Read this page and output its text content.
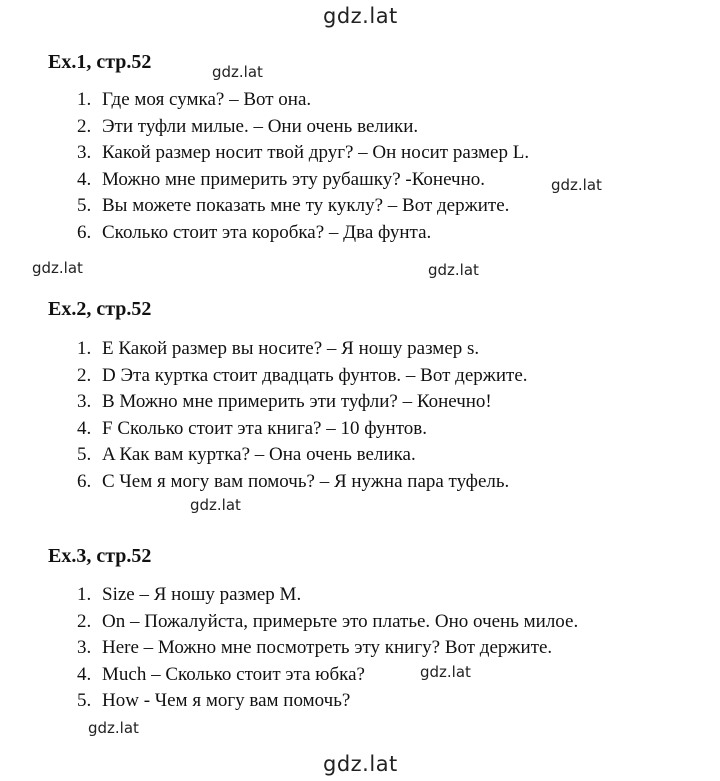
gdz.lat
gdz.lat
gdz.lat
gdz.lat	gdz.lat
gdz.lat
gdz.lat
gdz.lat
gdz.lat
Ex.1, стр.52
1. Где моя сумка? – Вот она.
2. Эти туфли милые. – Они очень велики.
3. Какой размер носит твой друг? – Он носит размер L.
4. Можно мне примерить эту рубашку? -Конечно.
5. Вы можете показать мне ту куклу? – Вот держите.
6. Сколько стоит эта коробка? – Два фунта.
Ex.2, стр.52
1. E Какой размер вы носите? – Я ношу размер s.
2. D Эта куртка стоит двадцать фунтов. – Вот держите.
3. B Можно мне примерить эти туфли? – Конечно!
4. F Сколько стоит эта книга? – 10 фунтов.
5. A Как вам куртка? – Она очень велика.
6. C Чем я могу вам помочь? – Я нужна пара туфель.
Ex.3, стр.52
1. Size – Я ношу размер M.
2. On – Пожалуйста, примерьте это платье. Оно очень милое.
3. Here – Можно мне посмотреть эту книгу? Вот держите.
4. Much – Сколько стоит эта юбка?
5. How - Чем я могу вам помочь?
